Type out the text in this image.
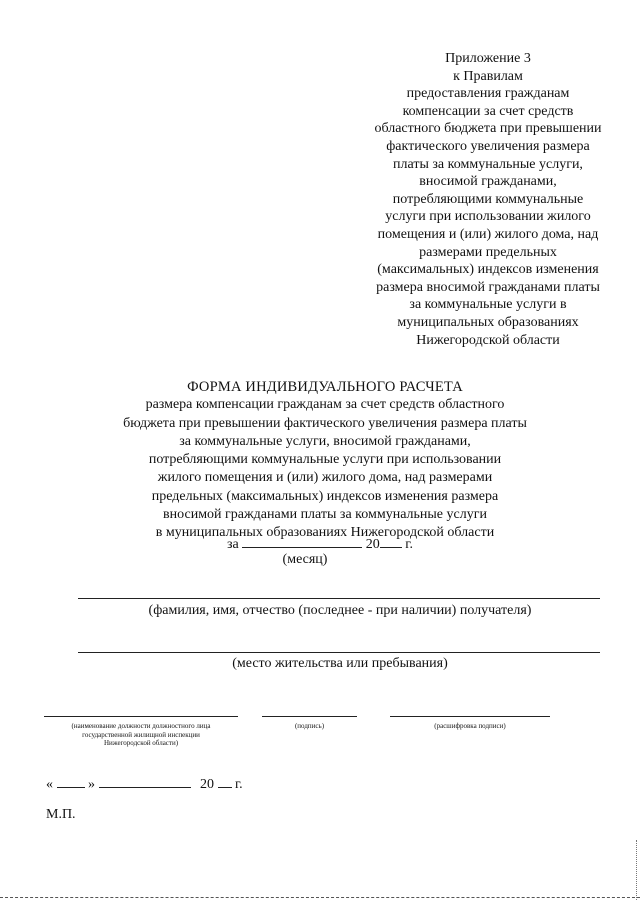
Приложение 3
к Правилам
предоставления гражданам
компенсации за счет средств
областного бюджета при превышении
фактического увеличения размера
платы за коммунальные услуги,
вносимой гражданами,
потребляющими коммунальные
услуги при использовании жилого
помещения и (или) жилого дома, над
размерами предельных
(максимальных) индексов изменения
размера вносимой гражданами платы
за коммунальные услуги в
муниципальных образованиях
Нижегородской области
ФОРМА ИНДИВИДУАЛЬНОГО РАСЧЕТА
размера компенсации гражданам за счет средств областного
бюджета при превышении фактического увеличения размера платы
за коммунальные услуги, вносимой гражданами,
потребляющими коммунальные услуги при использовании
жилого помещения и (или) жилого дома, над размерами
предельных (максимальных) индексов изменения размера
вносимой гражданами платы за коммунальные услуги
в муниципальных образованиях Нижегородской области
за	20 г.
(месяц)
(фамилия, имя, отчество (последнее - при наличии) получателя)
(место жительства или пребывания)
(наименование должности должностного лица
государственной жилищной инспекции
Нижегородской области)
(подпись)	(расшифровка подписи)
«	»	20 г.
М.П.
